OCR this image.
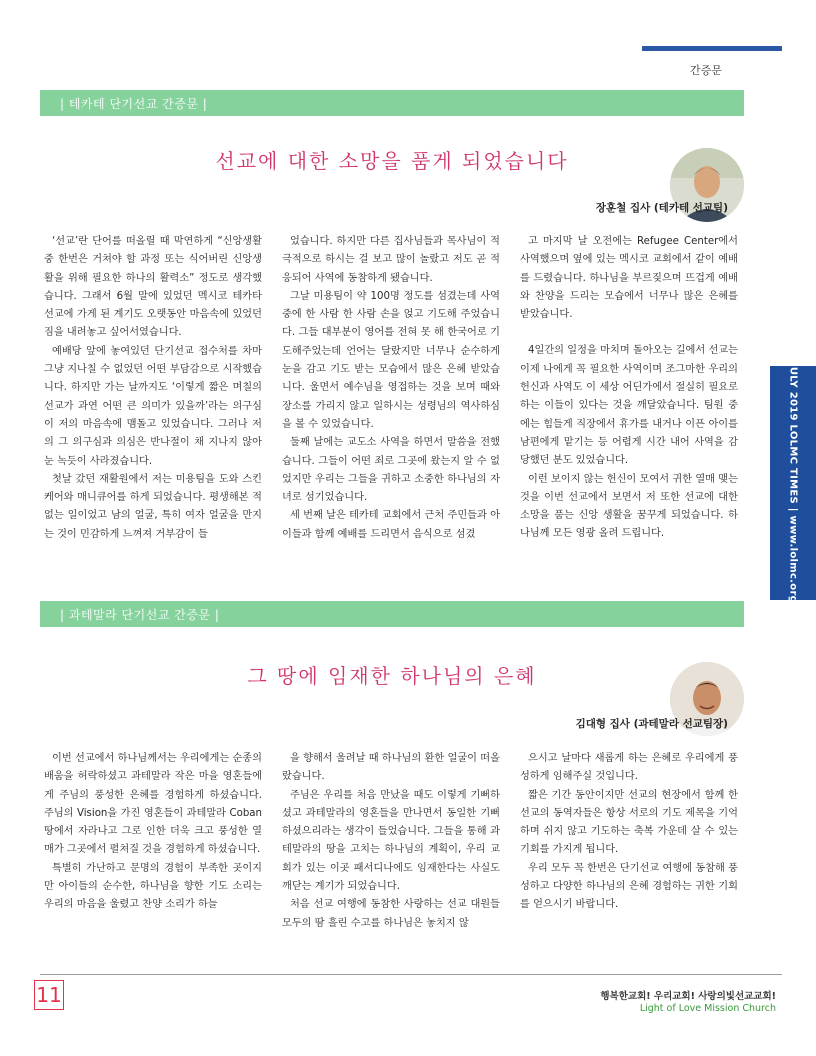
간증문
| 테카테 단기선교 간증문 |
선교에 대한 소망을 품게 되었습니다
장훈철 집사 (테카테 선교팀)

‘선교’란 단어를 떠올릴 때 막연하게 “신앙생활 중 한번은 거쳐야 할 과정 또는 식어버린 신앙생활을 위해 필요한 하나의 활력소” 정도로 생각했습니다. 그래서 6월 말에 있었던 멕시코 테카타 선교에 가게 된 계기도 오랫동안 마음속에 있었던 짐을 내려놓고 싶어서였습니다.

예배당 앞에 놓여있던 단기선교 접수처를 차마 그냥 지나칠 수 없었던 어떤 부담감으로 시작했습니다. 하지만 가는 날까지도 ‘이렇게 짧은 며칠의 선교가 과연 어떤 큰 의미가 있을까’라는 의구심이 저의 마음속에 맴돌고 있었습니다. 그러나 저의 그 의구심과 의심은 반나절이 채 지나지 않아 눈 녹듯이 사라졌습니다.

첫날 갔던 재활원에서 저는 미용팀을 도와 스킨 케어와 매니큐어를 하게 되었습니다. 평생해본 적 없는 일이었고 남의 얼굴, 특히 여자 얼굴을 만지는 것이 민감하게 느껴져 거부감이 들

었습니다. 하지만 다른 집사님들과 목사님이 적극적으로 하시는 걸 보고 많이 놀랐고 저도 곧 적응되어 사역에 동참하게 됐습니다.

그날 미용팀이 약 100명 정도를 섬겼는데 사역 중에 한 사람 한 사람 손을 얹고 기도해 주었습니다. 그들 대부분이 영어를 전혀 못 해 한국어로 기도해주었는데 언어는 달랐지만 너무나 순수하게 눈을 감고 기도 받는 모습에서 많은 은혜 받았습니다. 울면서 예수님을 영접하는 것을 보며 때와 장소를 가리지 않고 일하시는 성령님의 역사하심을 볼 수 있었습니다.

둘째 날에는 교도소 사역을 하면서 말씀을 전했습니다. 그들이 어떤 죄로 그곳에 왔는지 알 수 없었지만 우리는 그들을 귀하고 소중한 하나님의 자녀로 섬기었습니다.

세 번째 날은 테카테 교회에서 근처 주민들과 아이들과 함께 예배를 드리면서 음식으로 섬겼

고 마지막 날 오전에는 Refugee Center에서 사역했으며 옆에 있는 멕시코 교회에서 같이 예배를 드렸습니다. 하나님을 부르짖으며 뜨겁게 예배와 찬양을 드리는 모습에서 너무나 많은 은혜를 받았습니다.

4일간의 일정을 마치며 돌아오는 길에서 선교는 이제 나에게 꼭 필요한 사역이며 조그마한 우리의 헌신과 사역도 이 세상 어딘가에서 절실히 필요로 하는 이들이 있다는 것을 깨달았습니다. 팀원 중에는 힘들게 직장에서 휴가를 내거나 이픈 아이를 남편에게 맡기는 등 어렵게 시간 내어 사역을 감당했던 분도 있었습니다.

이런 보이지 않는 헌신이 모여서 귀한 열매 맺는 것을 이번 선교에서 보면서 저 또한 선교에 대한 소망을 품는 신앙 생활을 꿈꾸게 되었습니다. 하나님께 모든 영광 올려 드립니다.	JULY 2019 LOLMC TIMES | www.lolmc.org
| 과테말라 단기선교 간증문 |
그 땅에 임재한 하나님의 은혜
김대형 집사 (과테말라 선교팀장)

이번 선교에서 하나님께서는 우리에게는 순종의 배움을 허락하셨고 과테말라 작은 마을 영혼들에게 주님의 풍성한 은혜를 경험하게 하셨습니다. 주님의 Vision을 가진 영혼들이 과테말라 Coban 땅에서 자라나고 그로 인한 더욱 크고 풍성한 열매가 그곳에서 펼쳐질 것을 경험하게 하셨습니다.

특별히 가난하고 문명의 경험이 부족한 곳이지만 아이들의 순수한, 하나님을 향한 기도 소리는 우리의 마음을 울렸고 찬양 소리가 하늘

을 향해서 울려날 때 하나님의 환한 얼굴이 떠올랐습니다.

주님은 우리를 처음 만났을 때도 이렇게 기뻐하셨고 과테말라의 영혼들을 만나면서 동일한 기뻐하셨으리라는 생각이 들었습니다. 그들을 통해 과테말라의 땅을 고치는 하나님의 계획이, 우리 교회가 있는 이곳 패서디나에도 임재한다는 사실도 깨닫는 계기가 되었습니다.

처음 선교 여행에 동참한 사랑하는 선교 대원들 모두의 땀 흘린 수고를 하나님은 놓치지 않

으시고 날마다 새롭게 하는 은혜로 우리에게 풍성하게 임해주실 것입니다.

짧은 기간 동안이지만 선교의 현장에서 함께 한 선교의 동역자들은 항상 서로의 기도 제목을 기억하며 쉬지 않고 기도하는 축복 가운데 살 수 있는 기회를 가지게 됩니다.

우리 모두 꼭 한번은 단기선교 여행에 동참해 풍성하고 다양한 하나님의 은혜 경험하는 귀한 기회를 얻으시기 바랍니다.

11	행복한교회! 우리교회! 사랑의빛선교교회!
Light of Love Mission Church
